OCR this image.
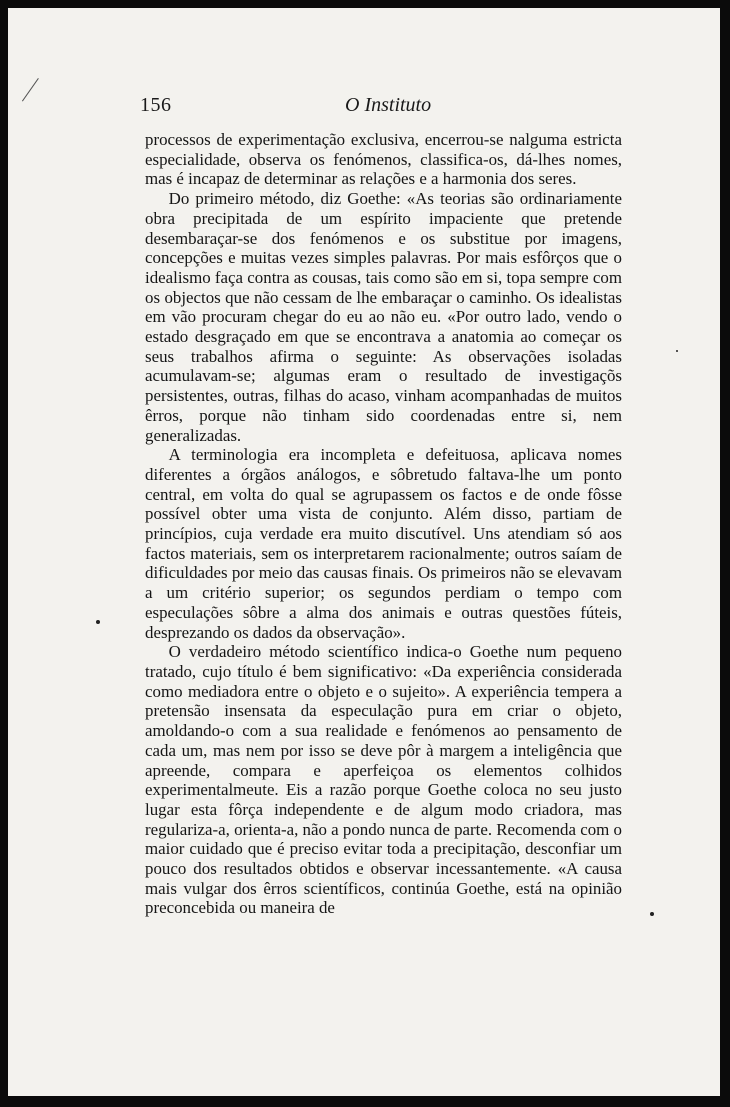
156	O Instituto

processos de experimentação exclusiva, encerrou-se nalguma estricta especialidade, observa os fenómenos, classifica-os, dá-lhes nomes, mas é incapaz de determinar as relações e a harmonia dos seres.

Do primeiro método, diz Goethe: «As teorias são ordinariamente obra precipitada de um espírito impaciente que pretende desembaraçar-se dos fenómenos e os substitue por imagens, concepções e muitas vezes simples palavras. Por mais esfôrços que o idealismo faça contra as cousas, tais como são em si, topa sempre com os objectos que não cessam de lhe embaraçar o caminho. Os idealistas em vão procuram chegar do eu ao não eu. «Por outro lado, vendo o estado desgraçado em que se encontrava a anatomia ao começar os seus trabalhos afirma o seguinte: As observações isoladas acumulavam-se; algumas eram o resultado de investigaçõs persistentes, outras, filhas do acaso, vinham acompanhadas de muitos êrros, porque não tinham sido coordenadas entre si, nem generalizadas.

A terminologia era incompleta e defeituosa, aplicava nomes diferentes a órgãos análogos, e sôbretudo faltava-lhe um ponto central, em volta do qual se agrupassem os factos e de onde fôsse possível obter uma vista de conjunto. Além disso, partiam de princípios, cuja verdade era muito discutível. Uns atendiam só aos factos materiais, sem os interpretarem racionalmente; outros saíam de dificuldades por meio das causas finais. Os primeiros não se elevavam a um critério superior; os segundos perdiam o tempo com especulações sôbre a alma dos animais e outras questões fúteis, desprezando os dados da observação».

O verdadeiro método scientífico indica-o Goethe num pequeno tratado, cujo título é bem significativo: «Da experiência considerada como mediadora entre o objeto e o sujeito». A experiência tempera a pretensão insensata da especulação pura em criar o objeto, amoldando-o com a sua realidade e fenómenos ao pensamento de cada um, mas nem por isso se deve pôr à margem a inteligência que apreende, compara e aperfeiçoa os elementos colhidos experimentalmeute. Eis a razão porque Goethe coloca no seu justo lugar esta fôrça independente e de algum modo criadora, mas regulariza-a, orienta-a, não a pondo nunca de parte. Recomenda com o maior cuidado que é preciso evitar toda a precipitação, desconfiar um pouco dos resultados obtidos e observar incessantemente. «A causa mais vulgar dos êrros scientíficos, continúa Goethe, está na opinião preconcebida ou maneira de
